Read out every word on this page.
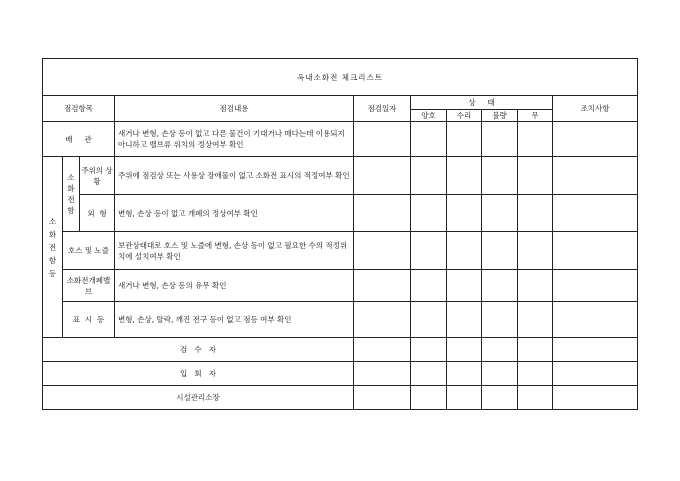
옥내소화전 체크리스트									
점검항목			점검내용	점검일자	상     태				조치사항
					양호	수리	불량	무	
배     관			새거나 변형, 손상 등이 없고 다른 물건이 기대거나 매다는데 이용되지 아니하고 밸브류 위치의 정상여부 확인						

소화전함등	소화전함	주위의 상 황	주위에 점검상 또는 사용상 장애물이 없고 소화전 표시의 적정여부 확인						
		외  형	변형, 손상 등이 없고 개폐의 정상여부 확인						
	호스 및 노즐		보관상태대로 호스 및 노즐에 변형, 손상 등이 없고 필요한 수의 적정위치에 설치여부 확인						
	소화전개폐밸    브		새거나 변형, 손상 등의 유무 확인						
	표  시  등		변형, 손상, 탈락, 깨진 전구 등이 없고 점등 여부 확인						
검   수   자									
입   회   자									
시설관리소장									
